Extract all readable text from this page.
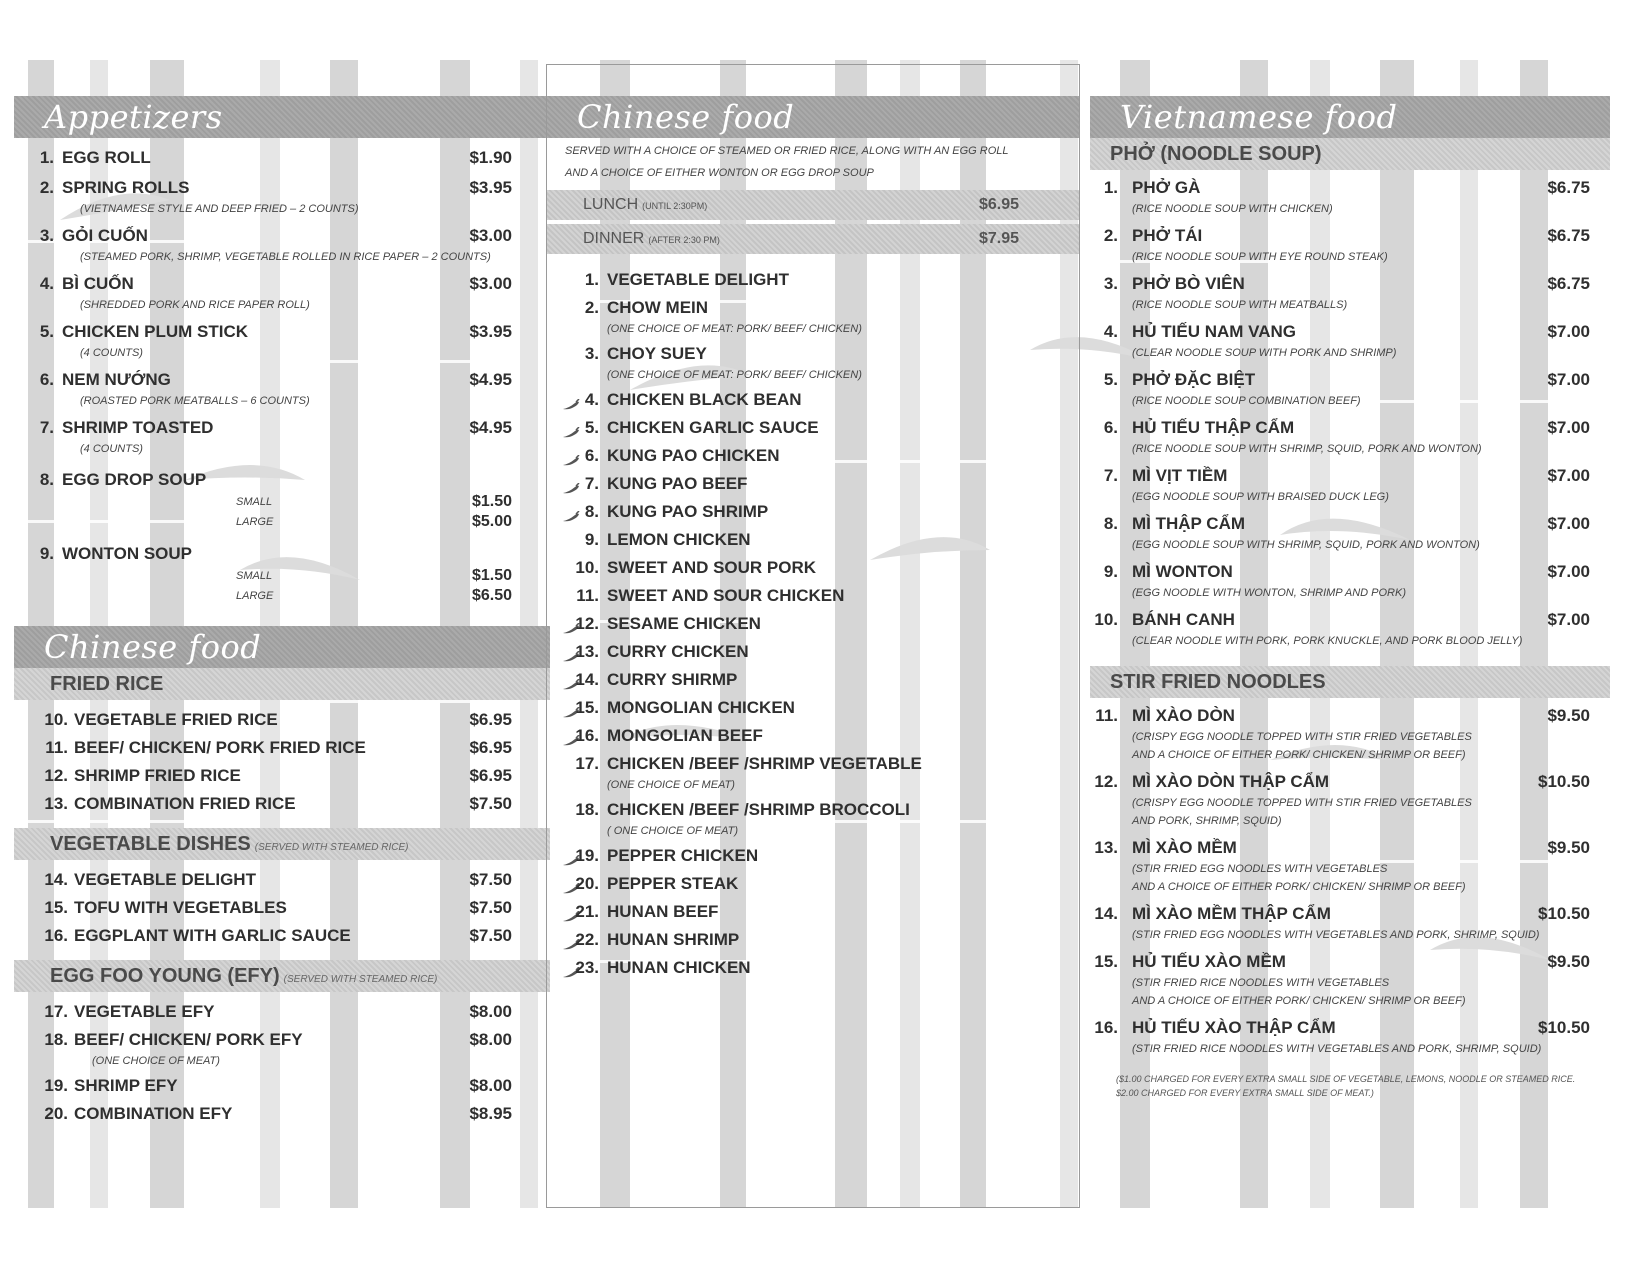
Appetizers
1. EGG ROLL	$1.90
2. SPRING ROLLS	$3.95
(VIETNAMESE STYLE AND DEEP FRIED – 2 COUNTS)
3. GỎI CUỐN	$3.00
(STEAMED PORK, SHRIMP, VEGETABLE ROLLED IN RICE PAPER – 2 COUNTS)
4. BÌ CUỐN	$3.00
(SHREDDED PORK AND RICE PAPER ROLL)
5. CHICKEN PLUM STICK	$3.95
(4 COUNTS)
6. NEM NƯỚNG	$4.95
(ROASTED PORK MEATBALLS – 6 COUNTS)
7. SHRIMP TOASTED	$4.95
(4 COUNTS)
8. EGG DROP SOUP
SMALL	$1.50
LARGE	$5.00
9. WONTON SOUP
SMALL	$1.50
LARGE	$6.50
Chinese food
FRIED RICE
10. VEGETABLE FRIED RICE	$6.95
11. BEEF/ CHICKEN/ PORK FRIED RICE	$6.95
12. SHRIMP FRIED RICE	$6.95
13. COMBINATION FRIED RICE	$7.50
VEGETABLE DISHES (SERVED WITH STEAMED RICE)
14. VEGETABLE DELIGHT	$7.50
15. TOFU WITH VEGETABLES	$7.50
16. EGGPLANT WITH GARLIC SAUCE	$7.50
EGG FOO YOUNG (EFY) (SERVED WITH STEAMED RICE)
17. VEGETABLE EFY	$8.00
18. BEEF/ CHICKEN/ PORK EFY	$8.00
(ONE CHOICE OF MEAT)
19. SHRIMP EFY	$8.00
20. COMBINATION EFY	$8.95
Chinese food
SERVED WITH A CHOICE OF STEAMED OR FRIED RICE, ALONG WITH AN EGG ROLL
AND A CHOICE OF EITHER WONTON OR EGG DROP SOUP
LUNCH (UNTIL 2:30PM)	$6.95
DINNER (AFTER 2:30 PM)	$7.95
1. VEGETABLE DELIGHT
2. CHOW MEIN
(ONE CHOICE OF MEAT: PORK/ BEEF/ CHICKEN)
3. CHOY SUEY
(ONE CHOICE OF MEAT: PORK/ BEEF/ CHICKEN)
4. CHICKEN BLACK BEAN
5. CHICKEN GARLIC SAUCE
6. KUNG PAO CHICKEN
7. KUNG PAO BEEF
8. KUNG PAO SHRIMP
9. LEMON CHICKEN
10. SWEET AND SOUR PORK
11. SWEET AND SOUR CHICKEN
12. SESAME CHICKEN
13. CURRY CHICKEN
14. CURRY SHIRMP
15. MONGOLIAN CHICKEN
16. MONGOLIAN BEEF
17. CHICKEN /BEEF /SHRIMP VEGETABLE
(ONE CHOICE OF MEAT)
18. CHICKEN /BEEF /SHRIMP BROCCOLI
( ONE CHOICE OF MEAT)
19. PEPPER CHICKEN
20. PEPPER STEAK
21. HUNAN BEEF
22. HUNAN SHRIMP
23. HUNAN CHICKEN
Vietnamese food
PHỞ (NOODLE SOUP)
1. PHỞ GÀ	$6.75
(RICE NOODLE SOUP WITH CHICKEN)
2. PHỞ TÁI	$6.75
(RICE NOODLE SOUP WITH EYE ROUND STEAK)
3. PHỞ BÒ VIÊN	$6.75
(RICE NOODLE SOUP WITH MEATBALLS)
4. HỦ TIẾU NAM VANG	$7.00
(CLEAR NOODLE SOUP WITH PORK AND SHRIMP)
5. PHỞ ĐẶC BIỆT	$7.00
(RICE NOODLE SOUP COMBINATION BEEF)
6. HỦ TIẾU THẬP CẨM	$7.00
(RICE NOODLE SOUP WITH SHRIMP, SQUID, PORK AND WONTON)
7. MÌ VỊT TIỀM	$7.00
(EGG NOODLE SOUP WITH BRAISED DUCK LEG)
8. MÌ THẬP CẨM	$7.00
(EGG NOODLE SOUP WITH SHRIMP, SQUID, PORK AND WONTON)
9. MÌ WONTON	$7.00
(EGG NOODLE WITH WONTON, SHRIMP AND PORK)
10. BÁNH CANH	$7.00
(CLEAR NOODLE WITH PORK, PORK KNUCKLE, AND PORK BLOOD JELLY)
STIR FRIED NOODLES
11. MÌ XÀO DÒN	$9.50
(CRISPY EGG NOODLE TOPPED WITH STIR FRIED VEGETABLES
AND A CHOICE OF EITHER PORK/ CHICKEN/ SHRIMP OR BEEF)
12. MÌ XÀO DÒN THẬP CẨM	$10.50
(CRISPY EGG NOODLE TOPPED WITH STIR FRIED VEGETABLES
AND PORK, SHRIMP, SQUID)
13. MÌ XÀO MỀM	$9.50
(STIR FRIED EGG NOODLES WITH VEGETABLES
AND A CHOICE OF EITHER PORK/ CHICKEN/ SHRIMP OR BEEF)
14. MÌ XÀO MỀM THẬP CẨM	$10.50
(STIR FRIED EGG NOODLES WITH VEGETABLES AND PORK, SHRIMP, SQUID)
15. HỦ TIẾU XÀO MỀM	$9.50
(STIR FRIED RICE NOODLES WITH VEGETABLES
AND A CHOICE OF EITHER PORK/ CHICKEN/ SHRIMP OR BEEF)
16. HỦ TIẾU XÀO THẬP CẨM	$10.50
(STIR FRIED RICE NOODLES WITH VEGETABLES AND PORK, SHRIMP, SQUID)
($1.00 CHARGED FOR EVERY EXTRA SMALL SIDE OF VEGETABLE, LEMONS, NOODLE OR STEAMED RICE.
$2.00 CHARGED FOR EVERY EXTRA SMALL SIDE OF MEAT.)
